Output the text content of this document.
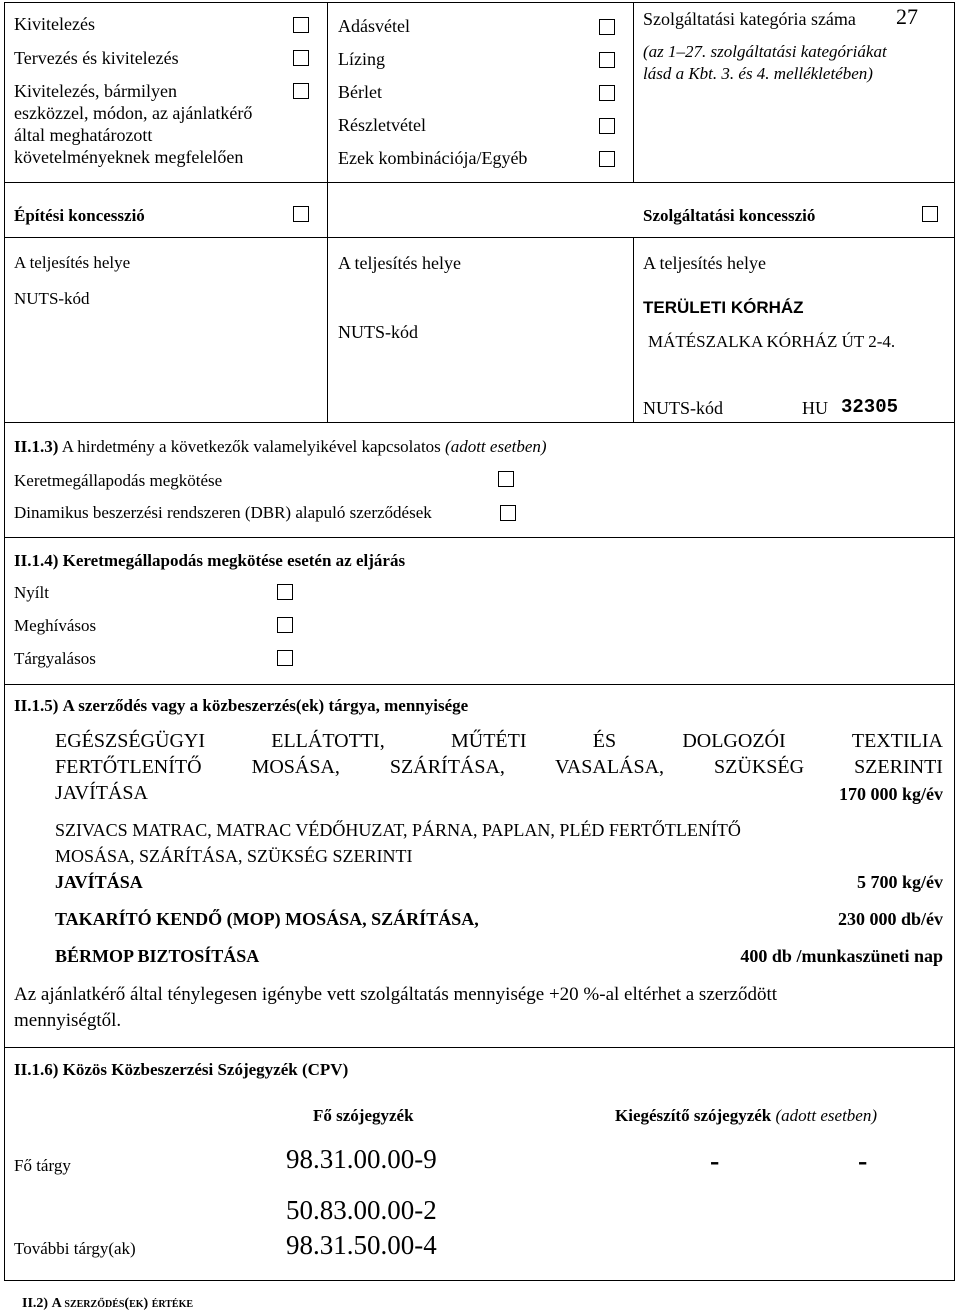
Kivitelezés
Tervezés és kivitelezés
Kivitelezés, bármilyen
eszközzel, módon, az ajánlatkérő
által meghatározott
követelményeknek megfelelően
Adásvétel
Lízing
Bérlet
Részletvétel
Ezek kombinációja/Egyéb
Szolgáltatási kategória száma 27
(az 1–27. szolgáltatási kategóriákat
lásd a Kbt. 3. és 4. mellékletében)
Építési koncesszió	Szolgáltatási koncesszió
A teljesítés helye
NUTS-kód
A teljesítés helye
NUTS-kód
A teljesítés helye
TERÜLETI KÓRHÁZ
MÁTÉSZALKA KÓRHÁZ ÚT 2-4.
NUTS-kód	HU 32305
II.1.3) A hirdetmény a következők valamelyikével kapcsolatos (adott esetben)
Keretmegállapodás megkötése
Dinamikus beszerzési rendszeren (DBR) alapuló szerződések
II.1.4) Keretmegállapodás megkötése esetén az eljárás
Nyílt
Meghívásos
Tárgyalásos
II.1.5) A szerződés vagy a közbeszerzés(ek) tárgya, mennyisége
EGÉSZSÉGÜGYI	ELLÁTOTTI,	MŰTÉTI	ÉS	DOLGOZÓI	TEXTILIA
FERTŐTLENÍTŐ	MOSÁSA,	SZÁRÍTÁSA,	VASALÁSA,	SZÜKSÉG	SZERINTI
JAVÍTÁSA	170 000 kg/év
SZIVACS MATRAC, MATRAC VÉDŐHUZAT, PÁRNA, PAPLAN, PLÉD FERTŐTLENÍTŐ
MOSÁSA, SZÁRÍTÁSA, SZÜKSÉG SZERINTI
JAVÍTÁSA	5 700 kg/év
TAKARÍTÓ KENDŐ (MOP) MOSÁSA, SZÁRÍTÁSA,	230 000 db/év
BÉRMOP BIZTOSÍTÁSA	400 db /munkaszüneti nap
Az ajánlatkérő által ténylegesen igénybe vett szolgáltatás mennyisége +20 %-al eltérhet a szerződött
mennyiségtől.
II.1.6) Közös Közbeszerzési Szójegyzék (CPV)
Fő szójegyzék	Kiegészítő szójegyzék (adott esetben)
Fő tárgy	98.31.00.00-9	-	-
50.83.00.00-2
További tárgy(ak)	98.31.50.00-4
II.2) A szerződés(ek) értéke
